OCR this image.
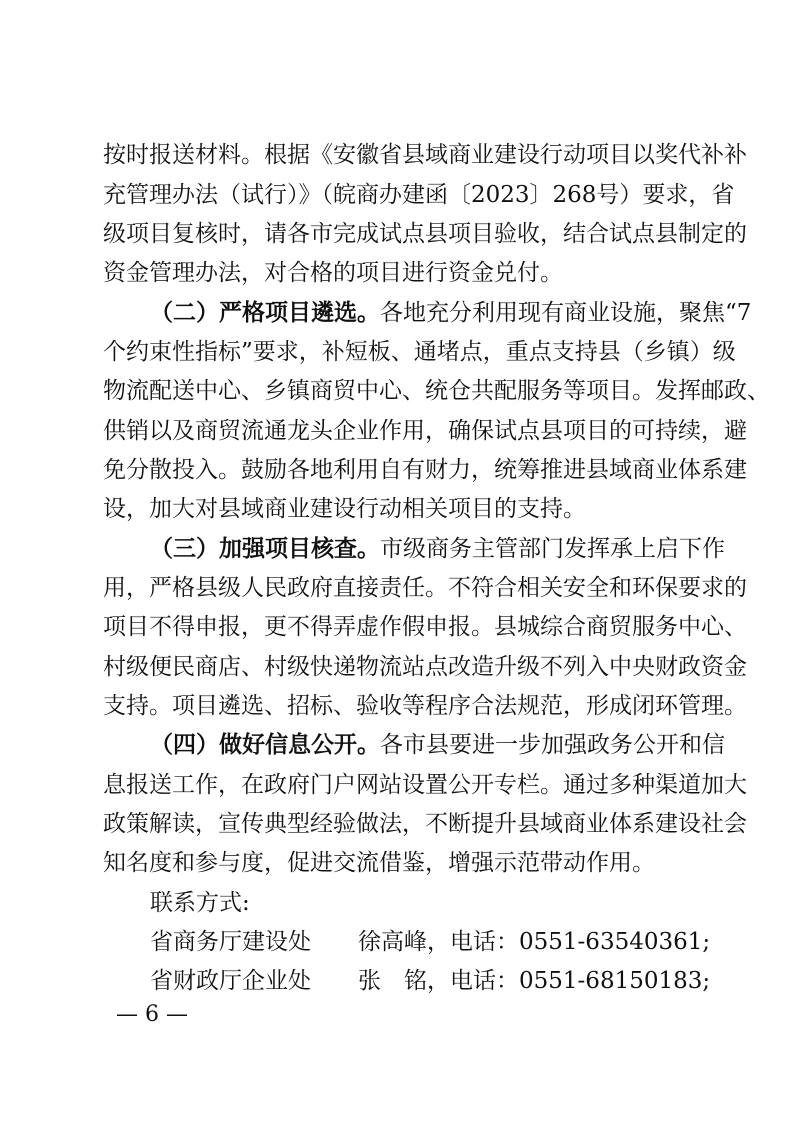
按时报送材料。根据《安徽省县域商业建设行动项目以奖代补补
充管理办法（试行）》（皖商办建函〔2023〕268号）要求，省
级项目复核时，请各市完成试点县项目验收，结合试点县制定的
资金管理办法，对合格的项目进行资金兑付。
（二）严格项目遴选。各地充分利用现有商业设施，聚焦“7
个约束性指标”要求，补短板、通堵点，重点支持县（乡镇）级
物流配送中心、乡镇商贸中心、统仓共配服务等项目。发挥邮政、
供销以及商贸流通龙头企业作用，确保试点县项目的可持续，避
免分散投入。鼓励各地利用自有财力，统筹推进县域商业体系建
设，加大对县域商业建设行动相关项目的支持。
（三）加强项目核查。市级商务主管部门发挥承上启下作
用，严格县级人民政府直接责任。不符合相关安全和环保要求的
项目不得申报，更不得弄虚作假申报。县城综合商贸服务中心、
村级便民商店、村级快递物流站点改造升级不列入中央财政资金
支持。项目遴选、招标、验收等程序合法规范，形成闭环管理。
（四）做好信息公开。各市县要进一步加强政务公开和信
息报送工作，在政府门户网站设置公开专栏。通过多种渠道加大
政策解读，宣传典型经验做法，不断提升县域商业体系建设社会
知名度和参与度，促进交流借鉴，增强示范带动作用。
联系方式:
省商务厅建设处 徐高峰，电话：0551-63540361;
省财政厅企业处 张　铭，电话：0551-68150183;
— 6 —
